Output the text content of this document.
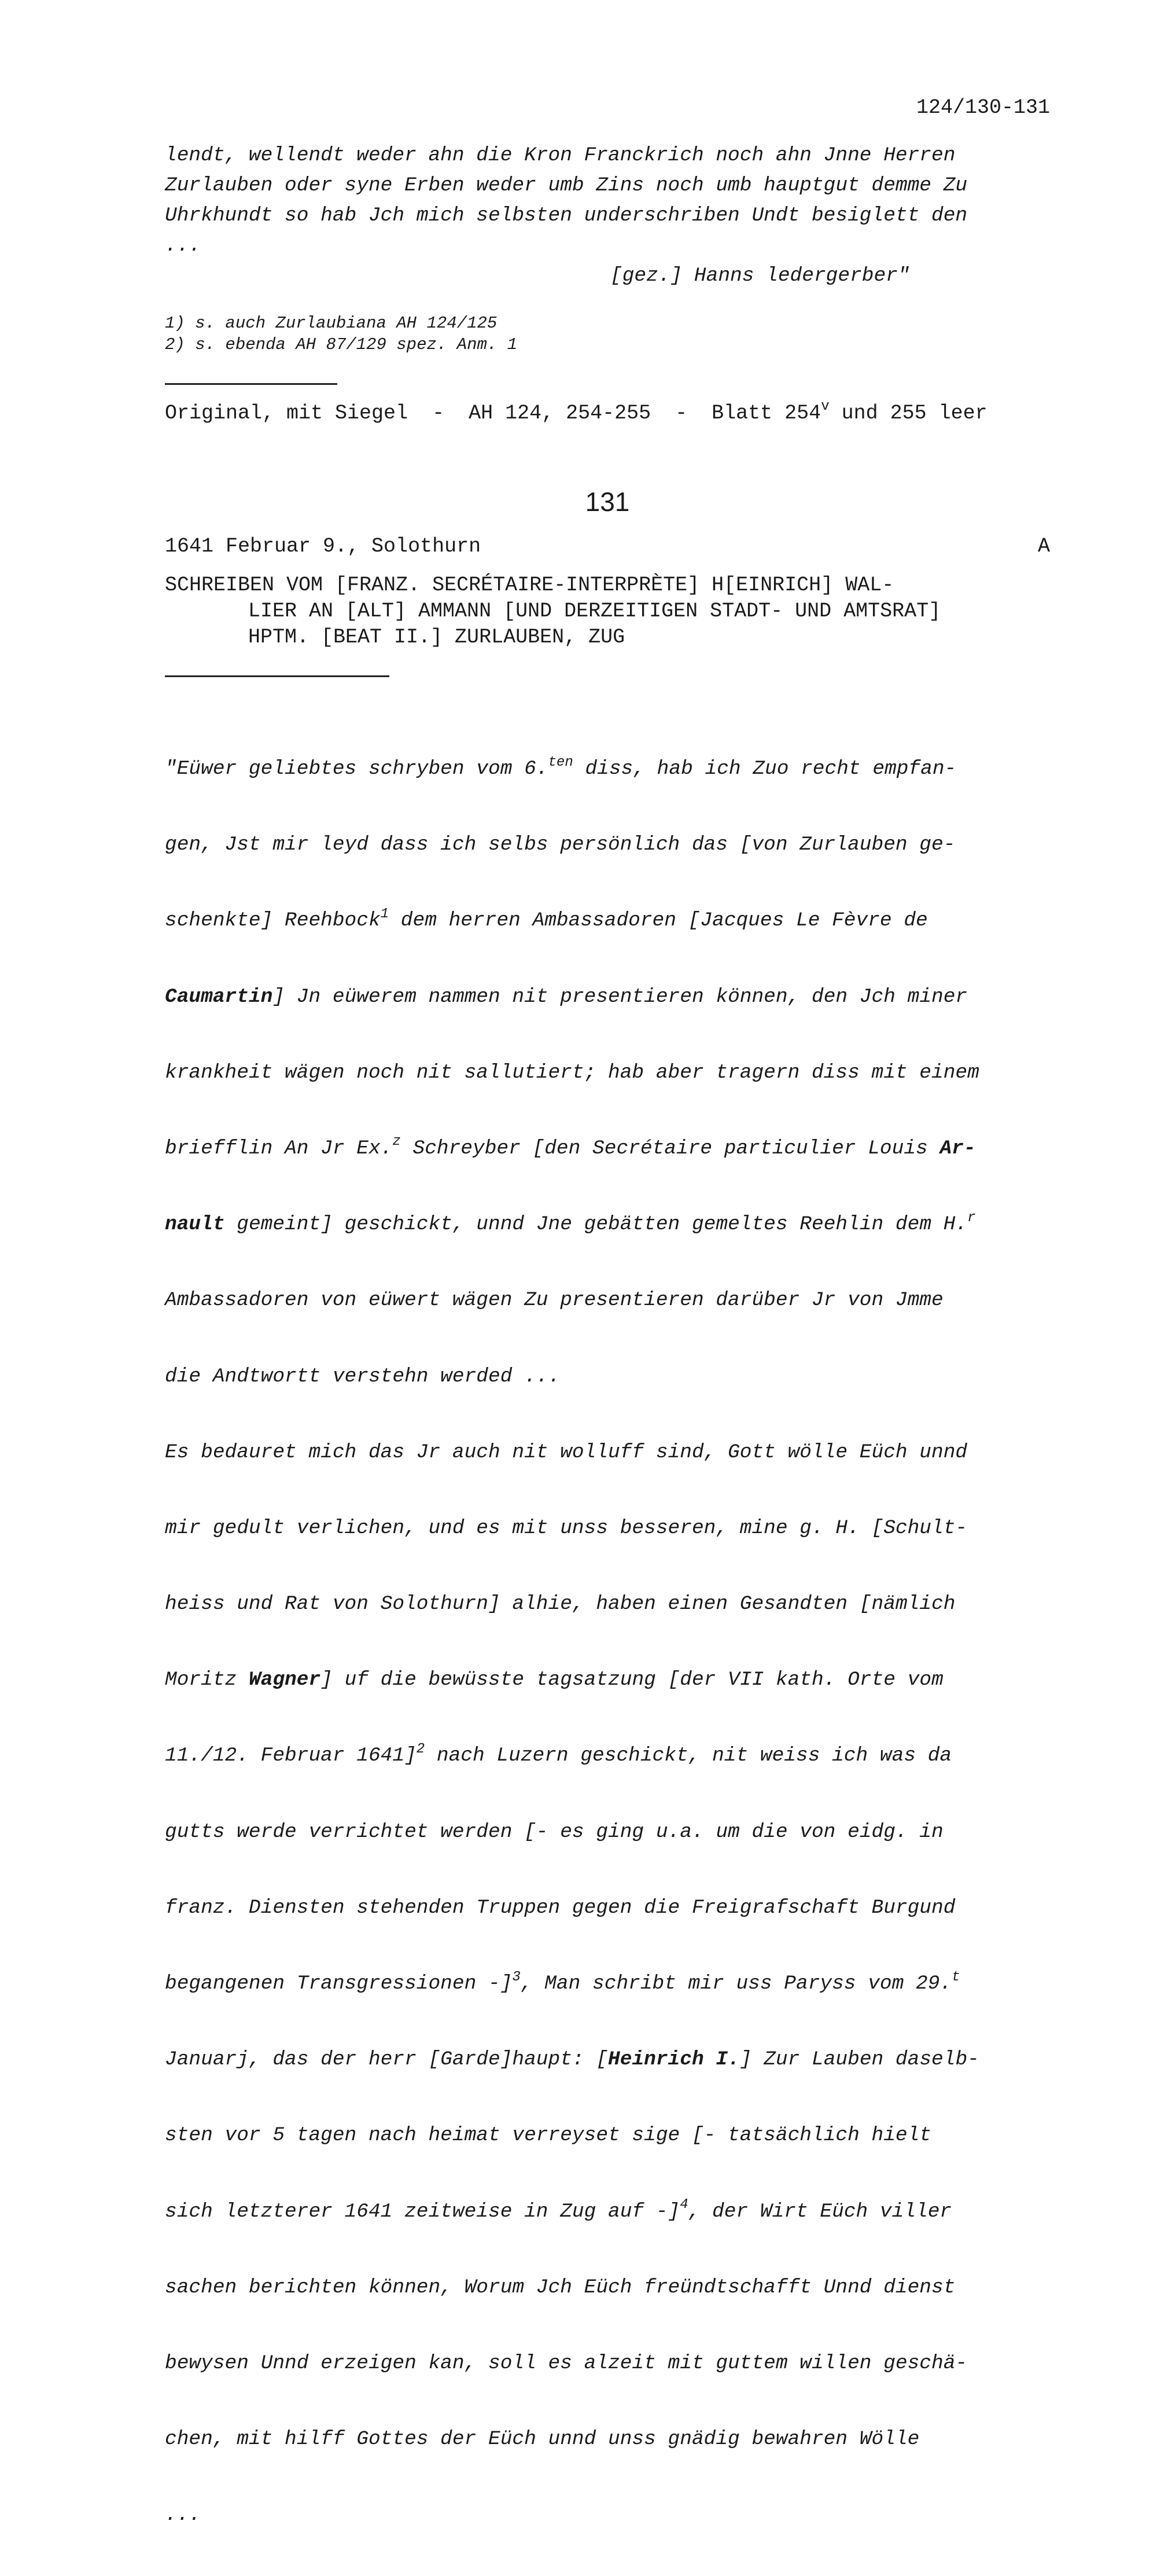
124/130-131
lendt, wellendt weder ahn die Kron Franckrich noch ahn Jnne Herren
Zurlauben oder syne Erben weder umb Zins noch umb hauptgut demme Zu
Uhrkhundt so hab Jch mich selbsten underschriben Undt besiglett den
...
[gez.] Hanns ledergerber"
1) s. auch Zurlaubiana AH 124/125
2) s. ebenda AH 87/129 spez. Anm. 1
Original, mit Siegel  -  AH 124, 254-255  -  Blatt 254$^v$ und 255 leer
131
1641 Februar 9., Solothurn	A
SCHREIBEN VOM [FRANZ. SECRÉTAIRE-INTERPRÈTE] H[EINRICH] WAL-
LIER AN [ALT] AMMANN [UND DERZEITIGEN STADT- UND AMTSRAT]
HPTM. [BEAT II.] ZURLAUBEN, ZUG

"Eüwer geliebtes schryben vom 6.$^{ten}$ diss, hab ich Zuo recht empfan-

gen, Jst mir leyd dass ich selbs persönlich das [von Zurlauben ge-

schenkte] Reehbock$^1$ dem herren Ambassadoren [Jacques Le Fèvre de

Caumartin] Jn eüwerem nammen nit presentieren können, den Jch miner

krankheit wägen noch nit sallutiert; hab aber tragern diss mit einem

briefflin An Jr Ex.$^z$ Schreyber [den Secrétaire particulier Louis Ar-

nault gemeint] geschickt, unnd Jne gebätten gemeltes Reehlin dem H.$^r$

Ambassadoren von eüwert wägen Zu presentieren darüber Jr von Jmme

die Andtwortt verstehn werded ...

Es bedauret mich das Jr auch nit wolluff sind, Gott wölle Eüch unnd

mir gedult verlichen, und es mit unss besseren, mine g. H. [Schult-

heiss und Rat von Solothurn] alhie, haben einen Gesandten [nämlich

Moritz Wagner] uf die bewüsste tagsatzung [der VII kath. Orte vom

11./12. Februar 1641]$^2$ nach Luzern geschickt, nit weiss ich was da

gutts werde verrichtet werden [- es ging u.a. um die von eidg. in

franz. Diensten stehenden Truppen gegen die Freigrafschaft Burgund

begangenen Transgressionen -]$^3$, Man schribt mir uss Paryss vom 29.$^t$

Januarj, das der herr [Garde]haupt: [Heinrich I.] Zur Lauben daselb-

sten vor 5 tagen nach heimat verreyset sige [- tatsächlich hielt

sich letzterer 1641 zeitweise in Zug auf -]$^4$, der Wirt Eüch viller

sachen berichten können, Worum Jch Eüch freündtschafft Unnd dienst

bewysen Unnd erzeigen kan, soll es alzeit mit guttem willen geschä-

chen, mit hilff Gottes der Eüch unnd unss gnädig bewahren Wölle

...
